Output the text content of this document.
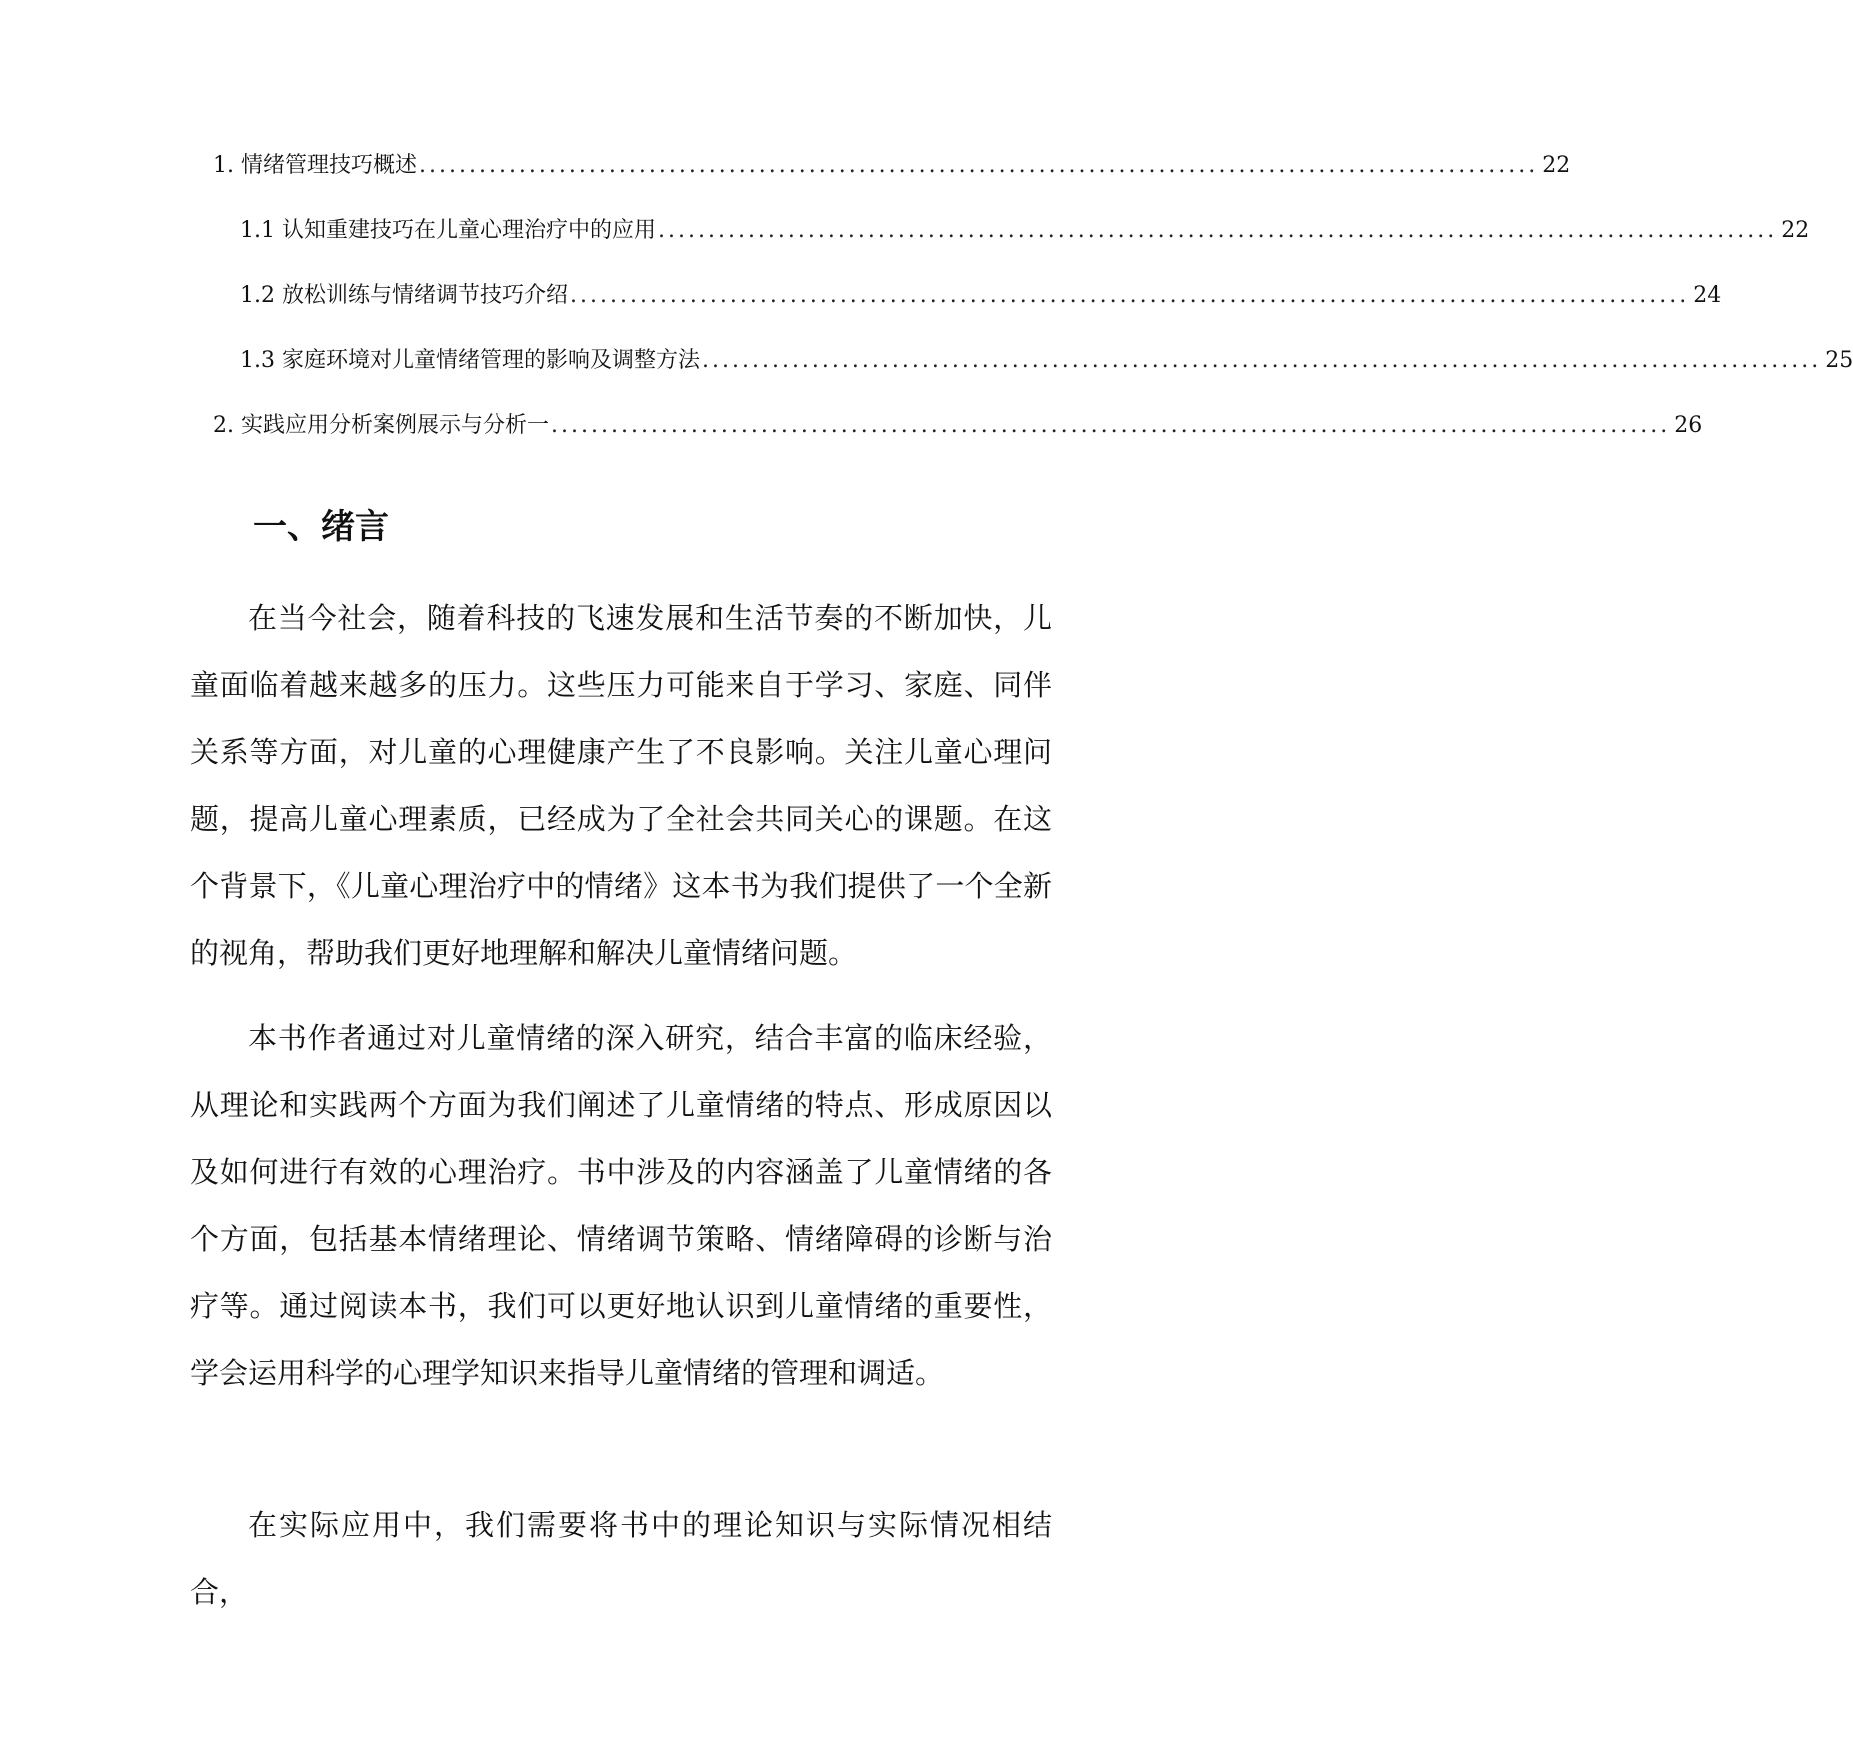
1. 情绪管理技巧概述 ................................................................................................................ 22
1.1 认知重建技巧在儿童心理治疗中的应用 ................................................................................................................ 22
1.2 放松训练与情绪调节技巧介绍 ................................................................................................................ 24
1.3 家庭环境对儿童情绪管理的影响及调整方法 ................................................................................................................ 25
2. 实践应用分析案例展示与分析一 ................................................................................................................ 26
一、绪言

在当今社会，随着科技的飞速发展和生活节奏的不断加快，儿童面临着越来越多的压力。这些压力可能来自于学习、家庭、同伴关系等方面，对儿童的心理健康产生了不良影响。关注儿童心理问题，提高儿童心理素质，已经成为了全社会共同关心的课题。在这个背景下，《儿童心理治疗中的情绪》这本书为我们提供了一个全新的视角，帮助我们更好地理解和解决儿童情绪问题。

本书作者通过对儿童情绪的深入研究，结合丰富的临床经验，从理论和实践两个方面为我们阐述了儿童情绪的特点、形成原因以及如何进行有效的心理治疗。书中涉及的内容涵盖了儿童情绪的各个方面，包括基本情绪理论、情绪调节策略、情绪障碍的诊断与治疗等。通过阅读本书，我们可以更好地认识到儿童情绪的重要性，学会运用科学的心理学知识来指导儿童情绪的管理和调适。

在实际应用中，我们需要将书中的理论知识与实际情况相结合，
